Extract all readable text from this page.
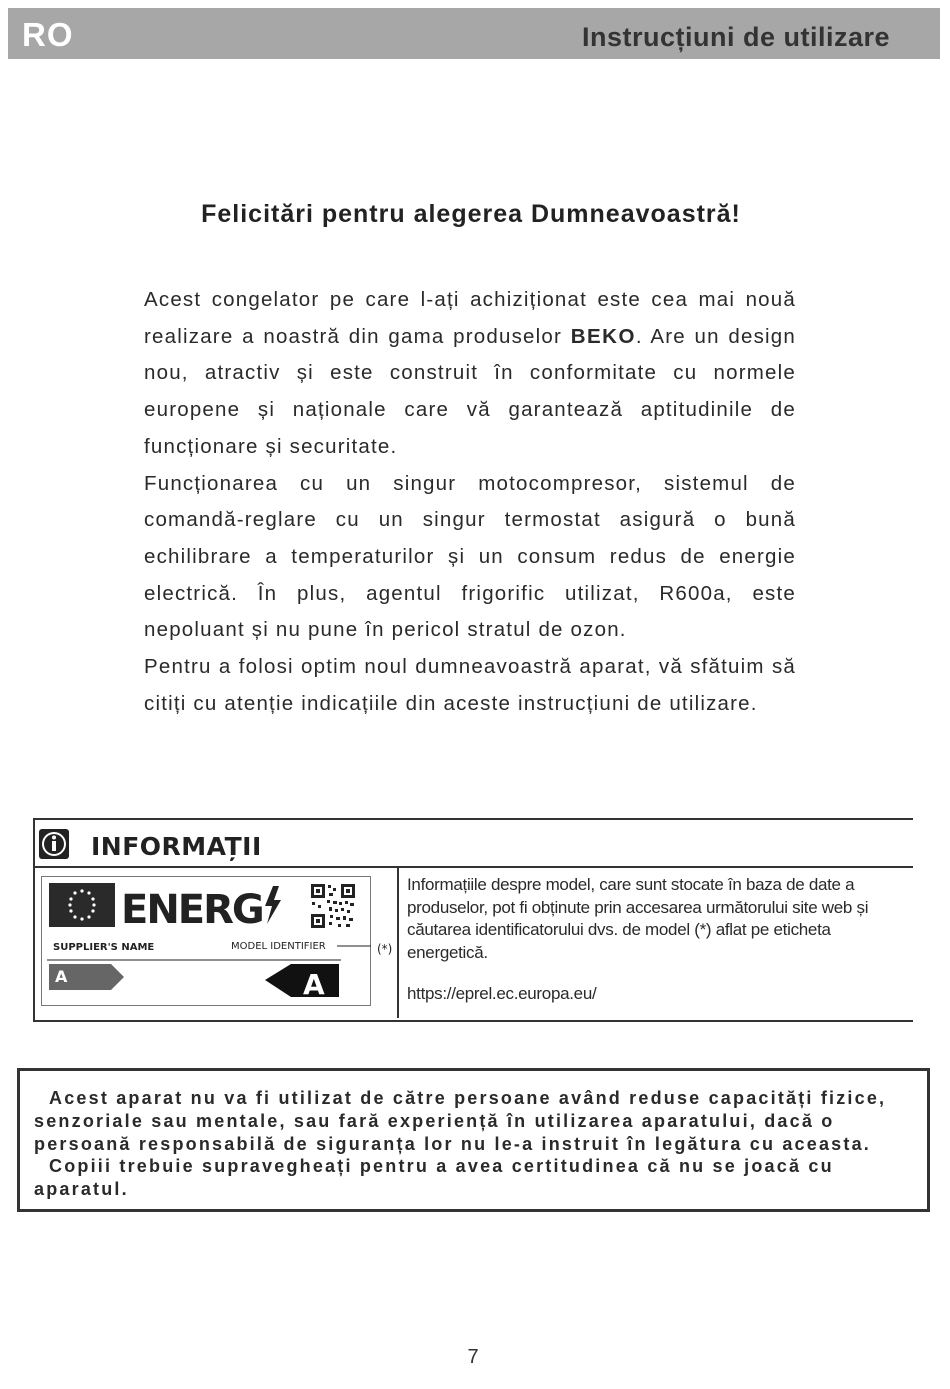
RO	Instrucțiuni de utilizare
Felicitări pentru alegerea Dumneavoastră!

Acest congelator pe care l-ați achiziționat este cea mai nouă realizare a noastră din gama produselor BEKO. Are un design nou, atractiv și este construit în conformitate cu normele europene și naționale care vă garantează aptitudinile de funcționare și securitate.

Funcționarea cu un singur motocompresor, sistemul de comandă-reglare cu un singur termostat asigură o bună echilibrare a temperaturilor și un consum redus de energie electrică. În plus, agentul frigorific utilizat, R600a, este nepoluant și nu pune în pericol stratul de ozon.

Pentru a folosi optim noul dumneavoastră aparat, vă sfătuim să citiți cu atenție indicațiile din aceste instrucțiuni de utilizare.

INFORMAȚII
ENERG
SUPPLIER'S NAME	MODEL IDENTIFIER
A	A
(*)
Informațiile despre model, care sunt stocate în baza de date a produselor, pot fi obținute prin accesarea următorului site web și căutarea identificatorului dvs. de model (*) aflat pe eticheta energetică.
https://eprel.ec.europa.eu/

Acest aparat nu va fi utilizat de către persoane având reduse capacități fizice, senzoriale sau mentale, sau fară experiență în utilizarea aparatului, dacă o persoană responsabilă de siguranța lor nu le-a instruit în legătura cu aceasta.

Copiii trebuie supravegheați pentru a avea certitudinea că nu se joacă cu aparatul.

7
